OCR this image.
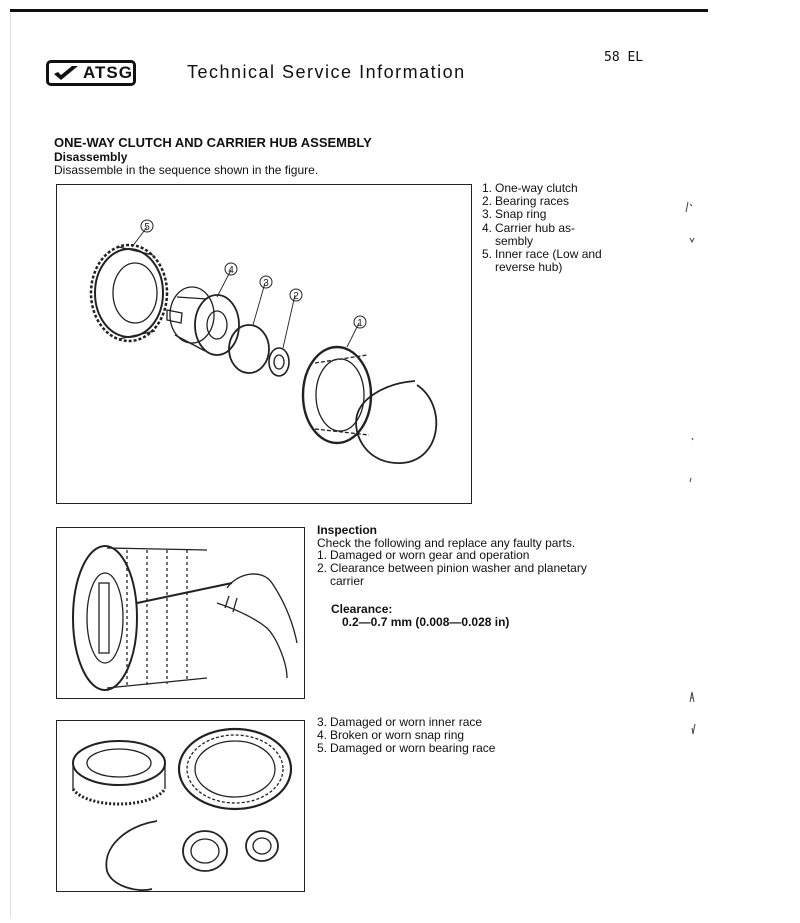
ATSG	Technical Service Information
58 EL
ONE-WAY CLUTCH AND CARRIER HUB ASSEMBLY
Disassembly
Disassemble in the sequence shown in the figure.
5
4
3
2
1
1. One-way clutch
2. Bearing races
3. Snap ring
4. Carrier hub as- sembly
5. Inner race (Low and reverse hub)
Inspection
Check the following and replace any faulty parts.
1. Damaged or worn gear and operation
2. Clearance between pinion washer and planetary carrier
Clearance:
0.2—0.7 mm (0.008—0.028 in)
3. Damaged or worn inner race
4. Broken or worn snap ring
5. Damaged or worn bearing race
